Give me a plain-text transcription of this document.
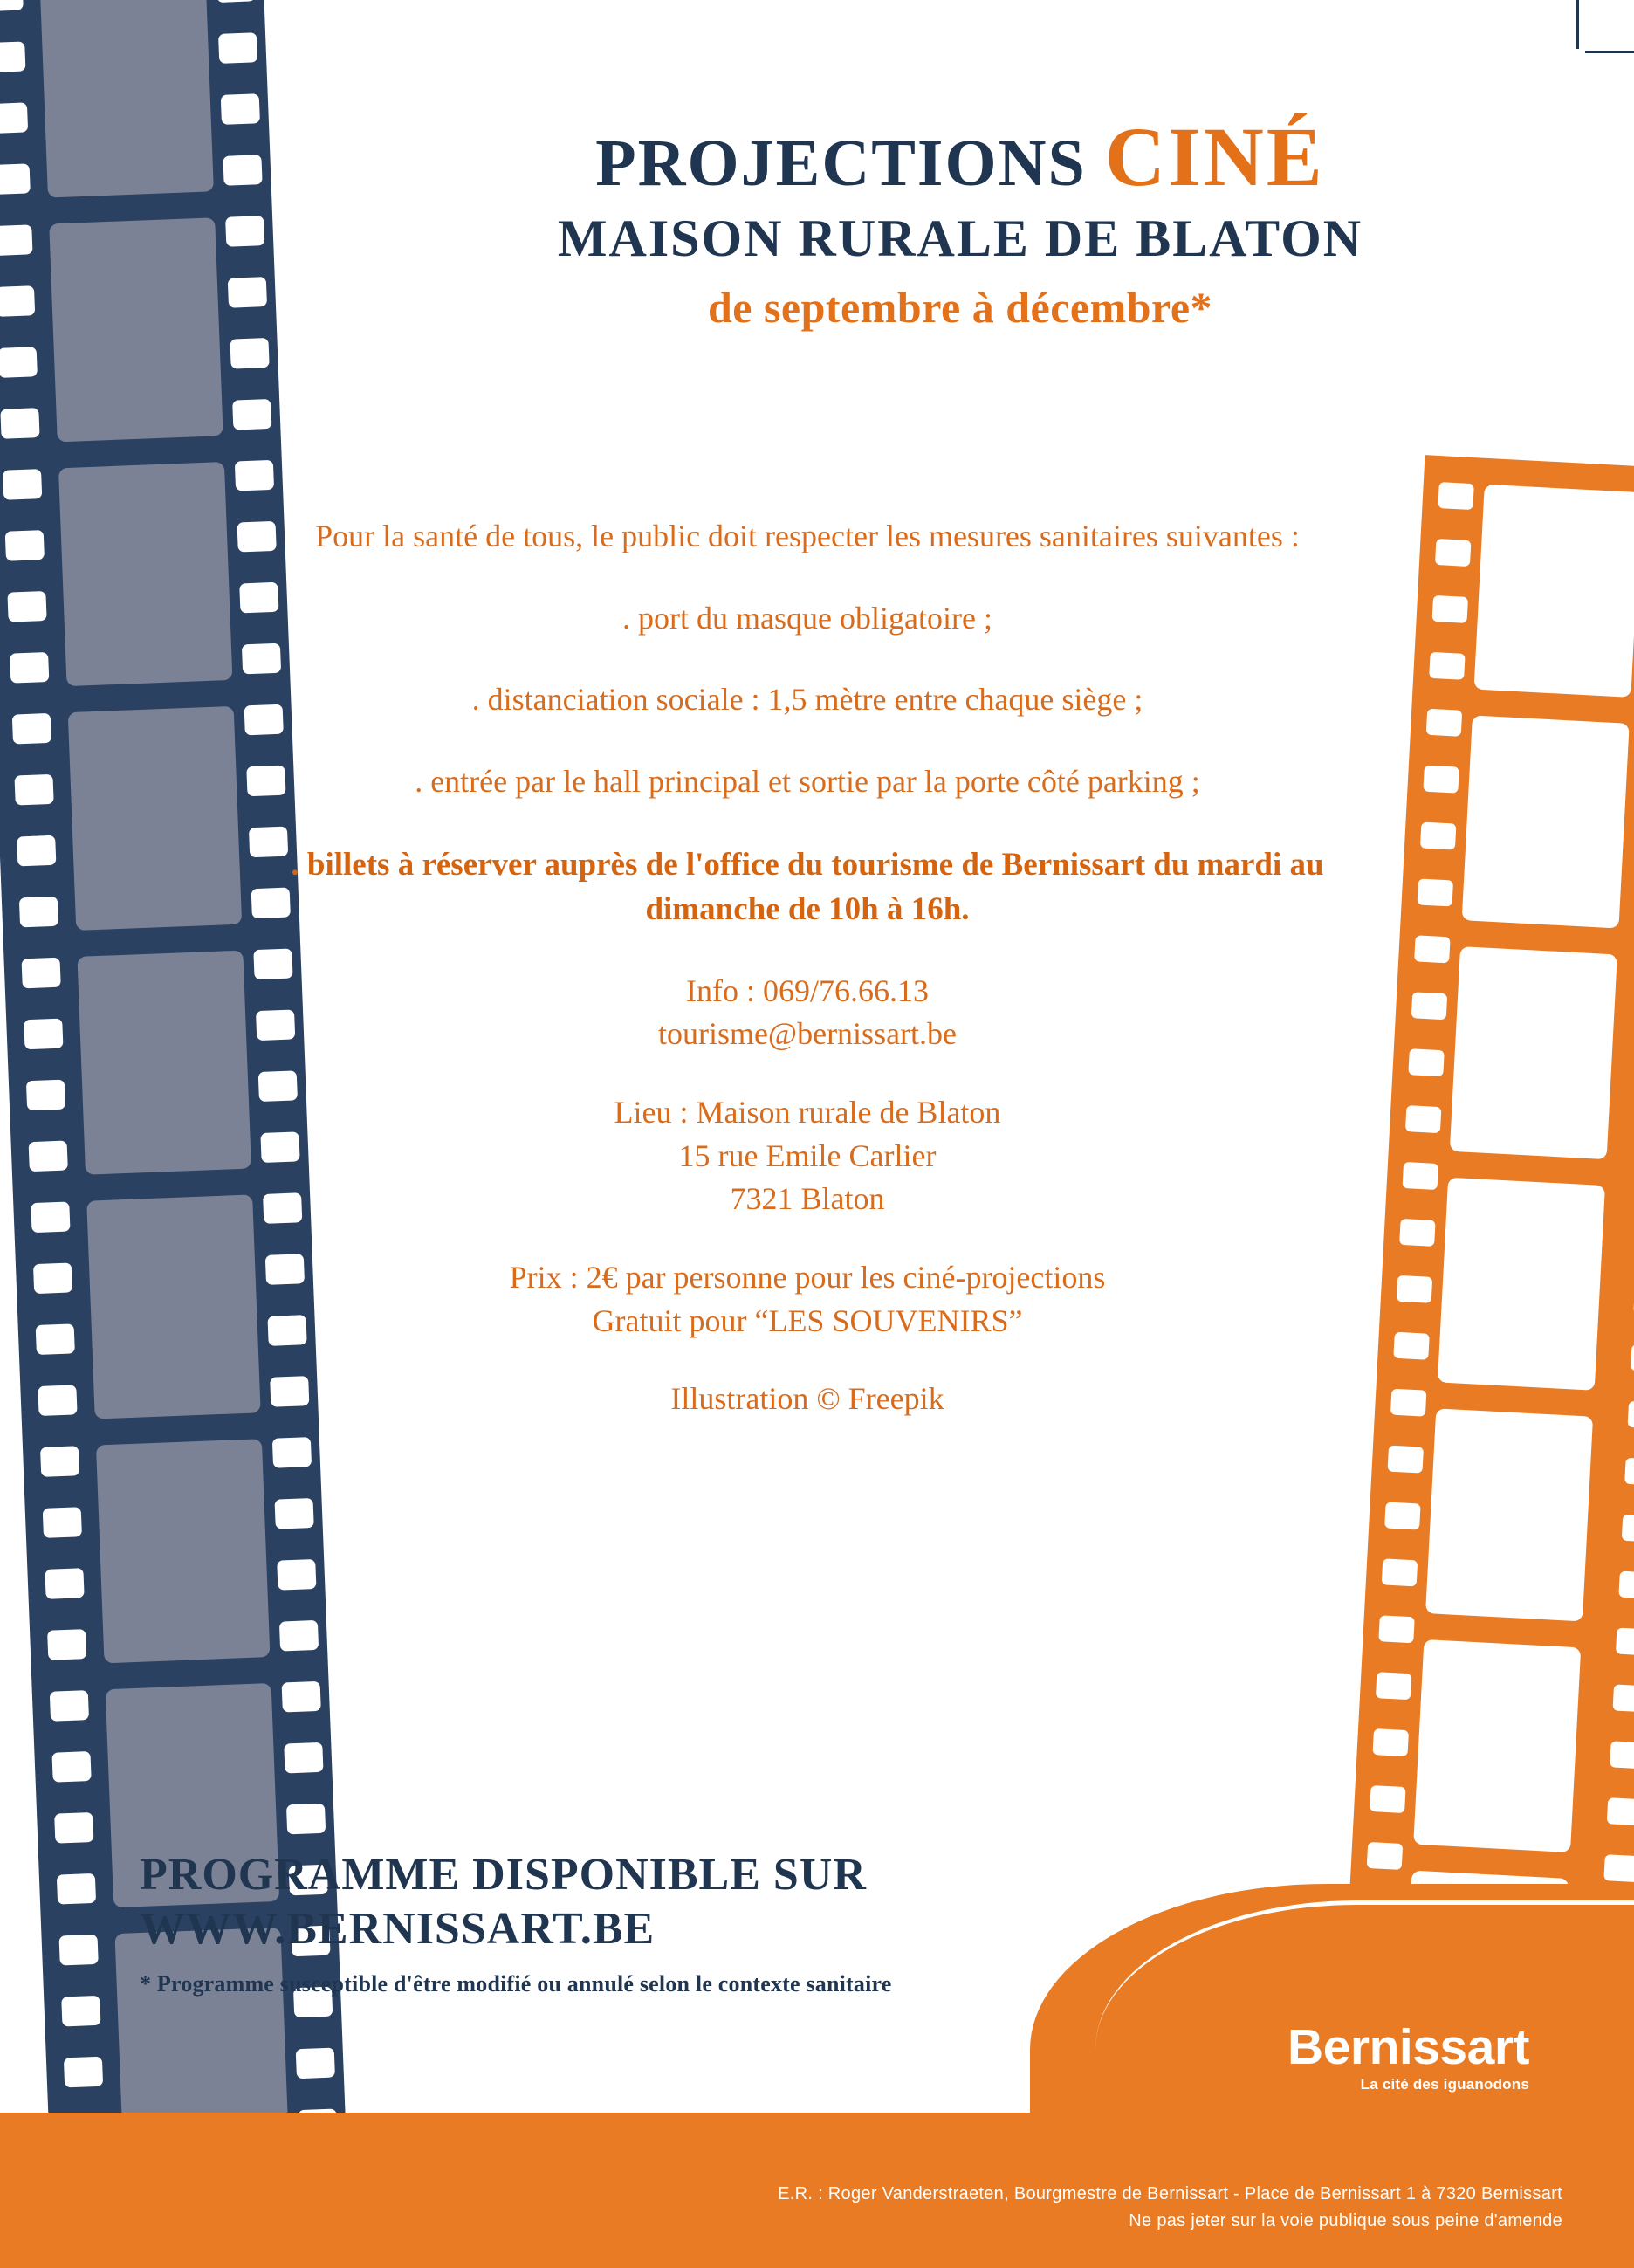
PROJECTIONS CINÉ
MAISON RURALE DE BLATON
de septembre à décembre*

Pour la santé de tous, le public doit respecter les mesures sanitaires suivantes :

. port du masque obligatoire ;

. distanciation sociale : 1,5 mètre entre chaque siège ;

. entrée par le hall principal et sortie par la porte côté parking ;

. billets à réserver auprès de l'office du tourisme de Bernissart du mardi au dimanche de 10h à 16h.

Info : 069/76.66.13
tourisme@bernissart.be

Lieu : Maison rurale de Blaton
15 rue Emile Carlier
7321 Blaton

Prix : 2€ par personne pour les ciné-projections
Gratuit pour “LES SOUVENIRS”

Illustration © Freepik

PROGRAMME DISPONIBLE SUR
WWW.BERNISSART.BE
* Programme susceptible d'être modifié ou annulé selon le contexte sanitaire
Bernissart
La cité des iguanodons
E.R. : Roger Vanderstraeten, Bourgmestre de Bernissart - Place de Bernissart 1 à 7320 Bernissart
Ne pas jeter sur la voie publique sous peine d'amende
